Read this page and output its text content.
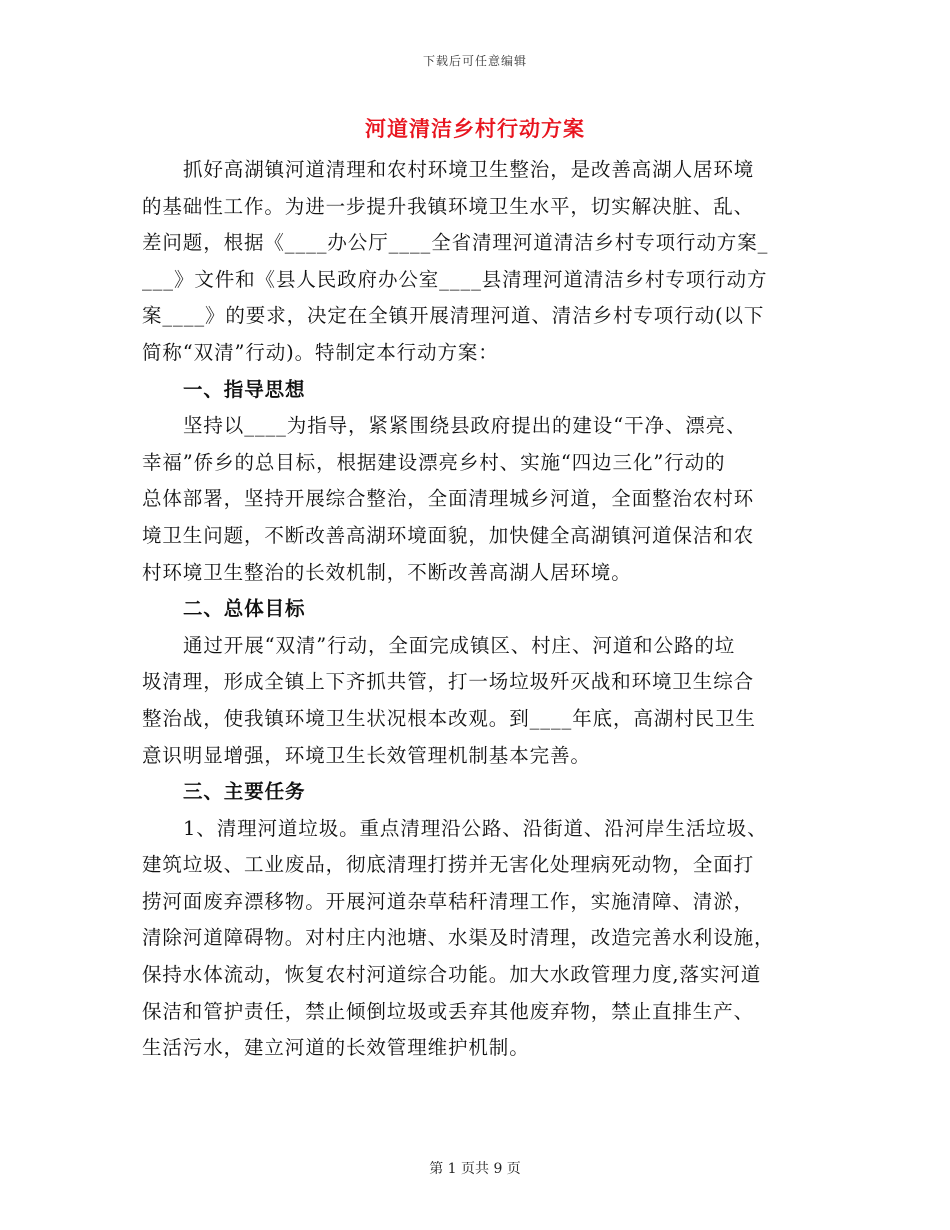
下载后可任意编辑
河道清洁乡村行动方案
抓好高湖镇河道清理和农村环境卫生整治，是改善高湖人居环境
的基础性工作。为进一步提升我镇环境卫生水平，切实解决脏、乱、
差问题，根据《____办公厅____全省清理河道清洁乡村专项行动方案_
___》文件和《县人民政府办公室____县清理河道清洁乡村专项行动方
案____》的要求，决定在全镇开展清理河道、清洁乡村专项行动(以下
简称“双清”行动)。特制定本行动方案：
一、指导思想
坚持以____为指导，紧紧围绕县政府提出的建设“干净、漂亮、
幸福”侨乡的总目标，根据建设漂亮乡村、实施“四边三化”行动的
总体部署，坚持开展综合整治，全面清理城乡河道，全面整治农村环
境卫生问题，不断改善高湖环境面貌，加快健全高湖镇河道保洁和农
村环境卫生整治的长效机制，不断改善高湖人居环境。
二、总体目标
通过开展“双清”行动，全面完成镇区、村庄、河道和公路的垃
圾清理，形成全镇上下齐抓共管，打一场垃圾歼灭战和环境卫生综合
整治战，使我镇环境卫生状况根本改观。到____年底，高湖村民卫生
意识明显增强，环境卫生长效管理机制基本完善。
三、主要任务
1、清理河道垃圾。重点清理沿公路、沿街道、沿河岸生活垃圾、
建筑垃圾、工业废品，彻底清理打捞并无害化处理病死动物，全面打
捞河面废弃漂移物。开展河道杂草秸秆清理工作，实施清障、清淤，
清除河道障碍物。对村庄内池塘、水渠及时清理，改造完善水利设施，
保持水体流动，恢复农村河道综合功能。加大水政管理力度,落实河道
保洁和管护责任，禁止倾倒垃圾或丢弃其他废弃物，禁止直排生产、
生活污水，建立河道的长效管理维护机制。
第 1 页共 9 页
